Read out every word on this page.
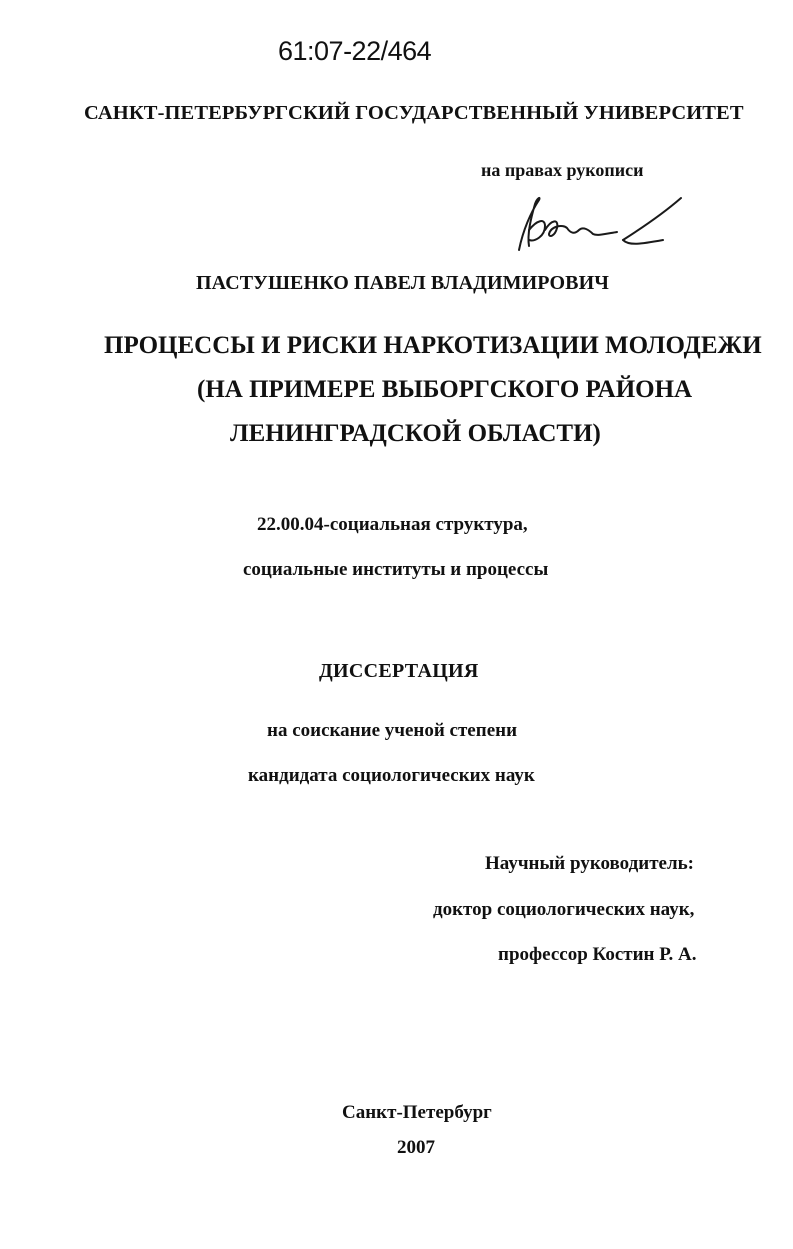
61:07-22/464
САНКТ-ПЕТЕРБУРГСКИЙ ГОСУДАРСТВЕННЫЙ УНИВЕРСИТЕТ
на правах рукописи
ПАСТУШЕНКО ПАВЕЛ ВЛАДИМИРОВИЧ
ПРОЦЕССЫ И РИСКИ НАРКОТИЗАЦИИ МОЛОДЕЖИ
(НА ПРИМЕРЕ ВЫБОРГСКОГО РАЙОНА
ЛЕНИНГРАДСКОЙ ОБЛАСТИ)
22.00.04-социальная структура,
социальные институты и процессы
ДИССЕРТАЦИЯ
на соискание ученой степени
кандидата социологических наук
Научный руководитель:
доктор социологических наук,
профессор Костин Р. А.
Санкт-Петербург
2007
